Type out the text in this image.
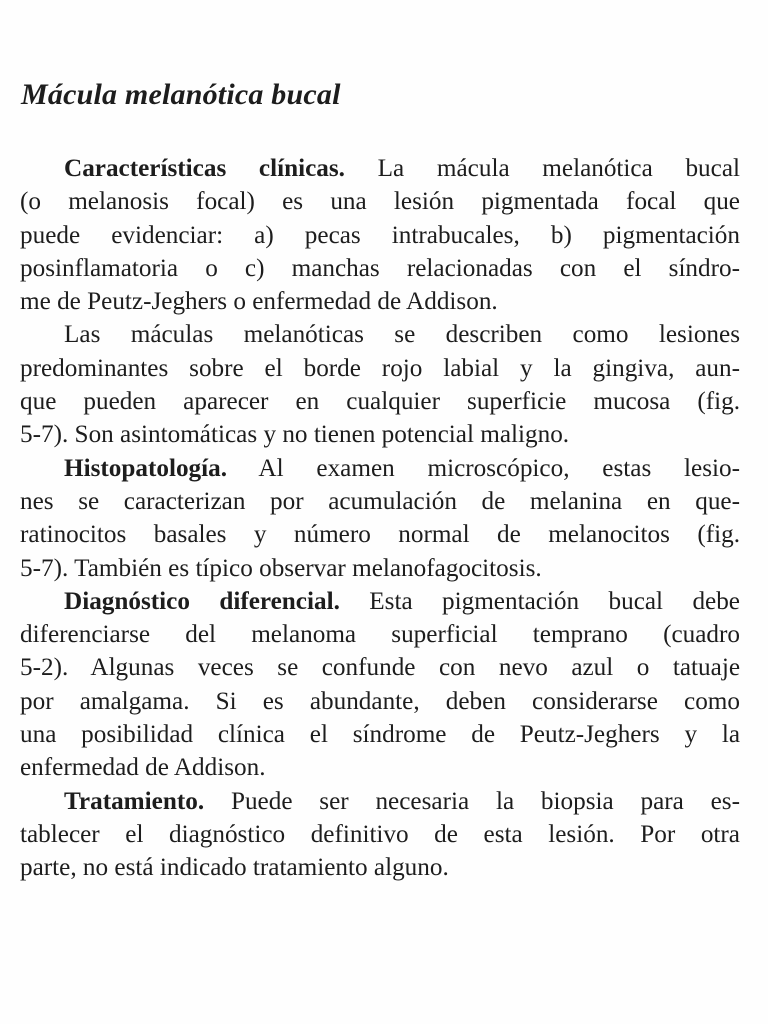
Mácula melanótica bucal
Características clínicas. La mácula melanótica bucal
(o melanosis focal) es una lesión pigmentada focal que
puede evidenciar: a) pecas intrabucales, b) pigmentación
posinflamatoria o c) manchas relacionadas con el síndro-
me de Peutz-Jeghers o enfermedad de Addison.
Las máculas melanóticas se describen como lesiones
predominantes sobre el borde rojo labial y la gingiva, aun-
que pueden aparecer en cualquier superficie mucosa (fig.
5-7). Son asintomáticas y no tienen potencial maligno.
Histopatología. Al examen microscópico, estas lesio-
nes se caracterizan por acumulación de melanina en que-
ratinocitos basales y número normal de melanocitos (fig.
5-7). También es típico observar melanofagocitosis.
Diagnóstico diferencial. Esta pigmentación bucal debe
diferenciarse del melanoma superficial temprano (cuadro
5-2). Algunas veces se confunde con nevo azul o tatuaje
por amalgama. Si es abundante, deben considerarse como
una posibilidad clínica el síndrome de Peutz-Jeghers y la
enfermedad de Addison.
Tratamiento. Puede ser necesaria la biopsia para es-
tablecer el diagnóstico definitivo de esta lesión. Por otra
parte, no está indicado tratamiento alguno.
